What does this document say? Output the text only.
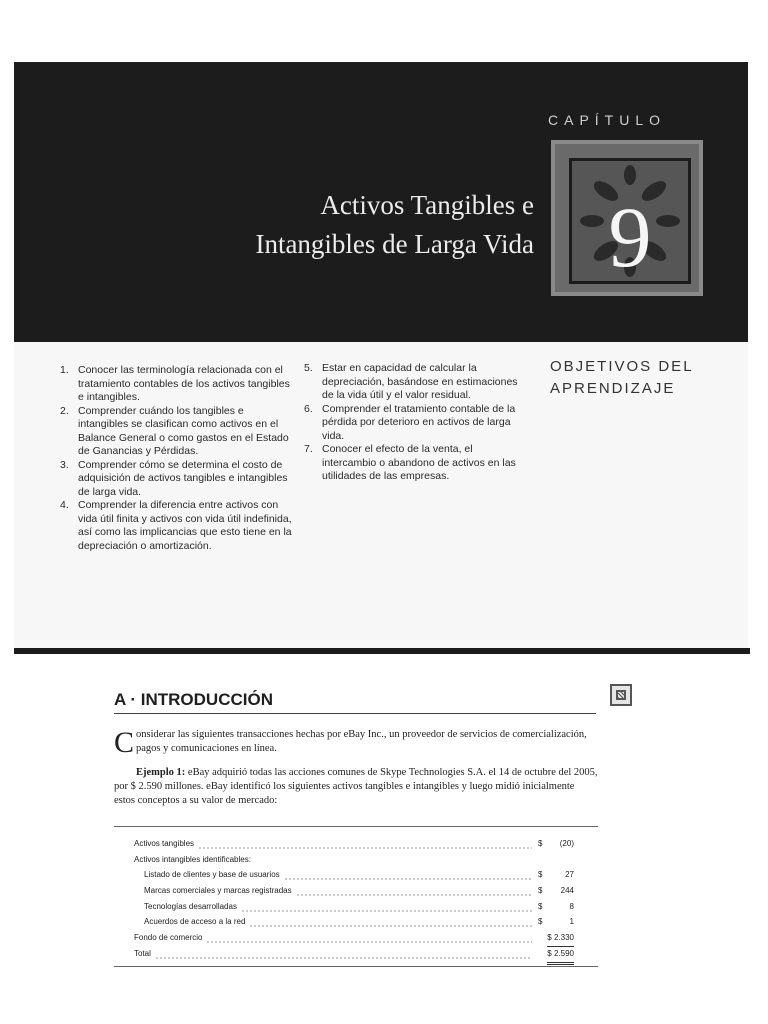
CAPÍTULO
Activos Tangibles e
Intangibles de Larga Vida 9
1. Conocer las terminología relacionada con el tratamiento contables de los activos tangibles e intangibles.
2. Comprender cuándo los tangibles e intangibles se clasifican como activos en el Balance General o como gastos en el Estado de Ganancias y Pérdidas.
3. Comprender cómo se determina el costo de adquisición de activos tangibles e intangibles de larga vida.
4. Comprender la diferencia entre activos con vida útil finita y activos con vida útil indefinida, así como las implicancias que esto tiene en la depreciación o amortización.
5. Estar en capacidad de calcular la depreciación, basándose en estimaciones de la vida útil y el valor residual.
6. Comprender el tratamiento contable de la pérdida por deterioro en activos de larga vida.
7. Conocer el efecto de la venta, el intercambio o abandono de activos en las utilidades de las empresas.
OBJETIVOS DEL
APRENDIZAJE
A · INTRODUCCIÓN
Considerar las siguientes transacciones hechas por eBay Inc., un proveedor de servicios de comercialización, pagos y comunicaciones en línea.
Ejemplo 1: eBay adquirió todas las acciones comunes de Skype Technologies S.A. el 14 de octubre del 2005, por $ 2.590 millones. eBay identificó los siguientes activos tangibles e intangibles y luego midió inicialmente estos conceptos a su valor de mercado:
Activos tangibles	$ (20)
Activos intangibles identificables:
Listado de clientes y base de usuarios	$	27
Marcas comerciales y marcas registradas	$ 244
Tecnologías desarrolladas	$	8
Acuerdos de acceso a la red	$	1
Fondo de comercio	$ 2.330
Total	$ 2.590
